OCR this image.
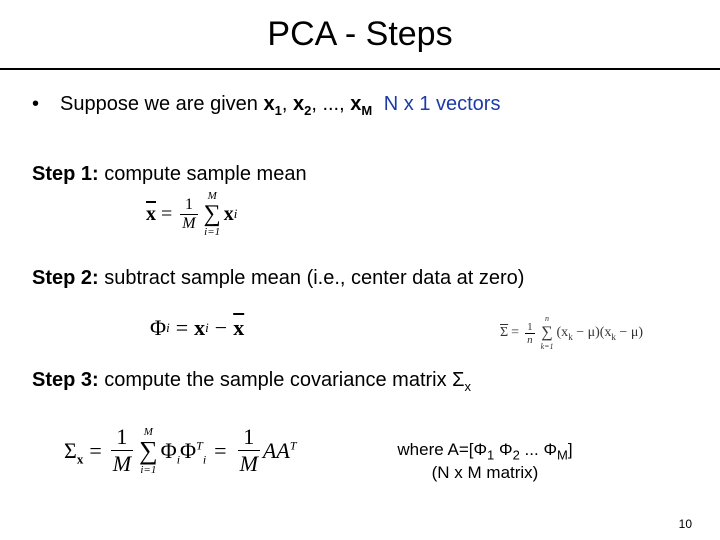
PCA - Steps
• Suppose we are given $x_1$, $x_2$, ..., $x_M$ N x 1 vectors
Step 1: compute sample mean
$\overline{x} = \frac{1}{M}$ M
∑
i=1
x i
Step 2: subtract sample mean (i.e., center data at zero)
Φ i = x $i - \overline{x}$	$\overline{\Sigma} = \frac{1}{n}$
n
∑
k=1
$(x_k - \mu)(x_k - \mu)$
Step 3: compute the sample covariance matrix $\Sigma_x$
$\Sigma_x = \frac{1}{M}$ M
∑
i=1
$\Phi_i\Phi^T_i = \frac{1}{M} AA^T$	where $A=[\Phi_1$ $\Phi_2$ ... $\Phi_M$]
(N x M matrix)
10
